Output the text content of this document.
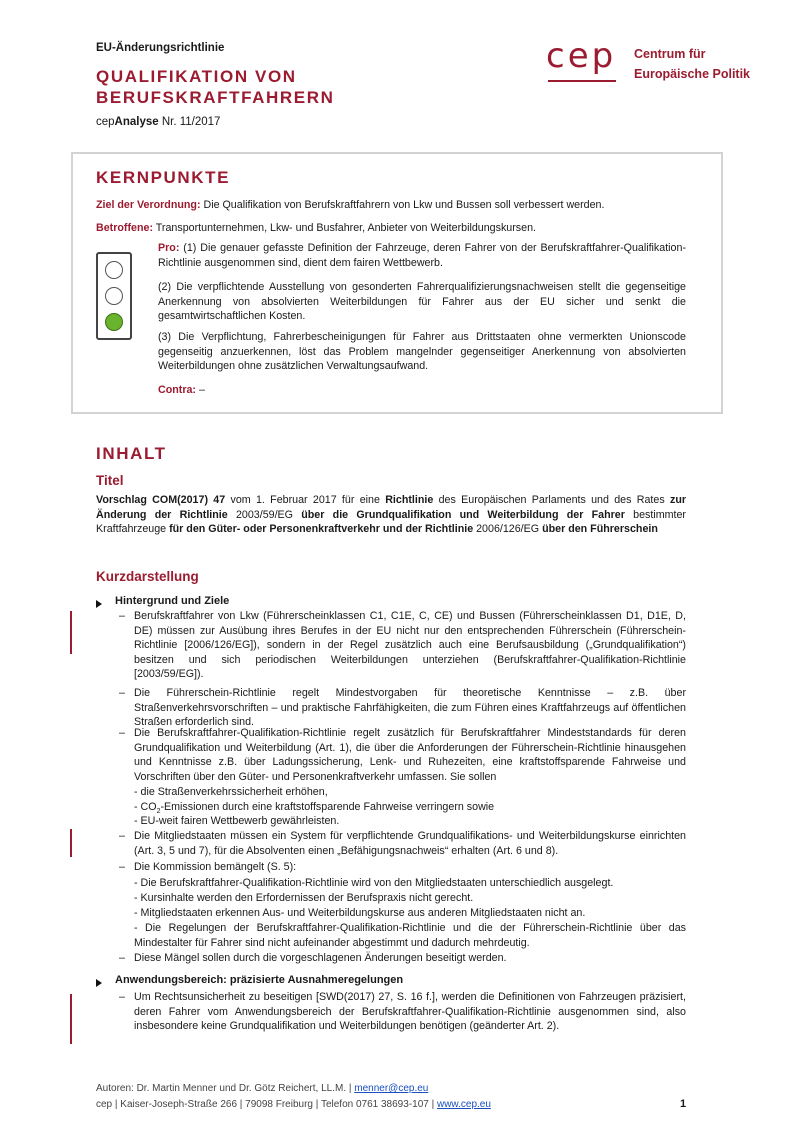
EU-Änderungsrichtlinie
QUALIFIKATION VON
BERUFSKRAFTFAHRERN
cepAnalyse Nr. 11/2017
cep Centrum für
Europäische Politik
KERNPUNKTE
Ziel der Verordnung: Die Qualifikation von Berufskraftfahrern von Lkw und Bussen soll verbessert werden.
Betroffene: Transportunternehmen, Lkw- und Busfahrer, Anbieter von Weiterbildungskursen.
Pro: (1) Die genauer gefasste Definition der Fahrzeuge, deren Fahrer von der Berufskraftfahrer-Qualifikation-Richtlinie ausgenommen sind, dient dem fairen Wettbewerb.
(2) Die verpflichtende Ausstellung von gesonderten Fahrerqualifizierungsnachweisen stellt die gegenseitige Anerkennung von absolvierten Weiterbildungen für Fahrer aus der EU sicher und senkt die gesamtwirtschaftlichen Kosten.
(3) Die Verpflichtung, Fahrerbescheinigungen für Fahrer aus Drittstaaten ohne vermerkten Unionscode gegenseitig anzuerkennen, löst das Problem mangelnder gegenseitiger Anerkennung von absolvierten Weiterbildungen ohne zusätzlichen Verwaltungsaufwand.
Contra: –
INHALT
Titel
Vorschlag COM(2017) 47 vom 1. Februar 2017 für eine Richtlinie des Europäischen Parlaments und des Rates zur Änderung der Richtlinie 2003/59/EG über die Grundqualifikation und Weiterbildung der Fahrer bestimmter Kraftfahrzeuge für den Güter- oder Personenkraftverkehr und der Richtlinie 2006/126/EG über den Führerschein
Kurzdarstellung
Hintergrund und Ziele
– Berufskraftfahrer von Lkw (Führerscheinklassen C1, C1E, C, CE) und Bussen (Führerscheinklassen D1, D1E, D, DE) müssen zur Ausübung ihres Berufes in der EU nicht nur den entsprechenden Führerschein (Führerschein-Richtlinie [2006/126/EG]), sondern in der Regel zusätzlich auch eine Berufsausbildung („Grundqualifikation“) besitzen und sich periodischen Weiterbildungen unterziehen (Berufskraftfahrer-Qualifikation-Richtlinie [2003/59/EG]).
– Die Führerschein-Richtlinie regelt Mindestvorgaben für theoretische Kenntnisse – z.B. über Straßenverkehrsvorschriften – und praktische Fahrfähigkeiten, die zum Führen eines Kraftfahrzeugs auf öffentlichen Straßen erforderlich sind.
– Die Berufskraftfahrer-Qualifikation-Richtlinie regelt zusätzlich für Berufskraftfahrer Mindeststandards für deren Grundqualifikation und Weiterbildung (Art. 1), die über die Anforderungen der Führerschein-Richtlinie hinausgehen und Kenntnisse z.B. über Ladungssicherung, Lenk- und Ruhezeiten, eine kraftstoffsparende Fahrweise und Vorschriften über den Güter- und Personenkraftverkehr umfassen. Sie sollen
- die Straßenverkehrssicherheit erhöhen,
- $CO_2$-Emissionen durch eine kraftstoffsparende Fahrweise verringern sowie
- EU-weit fairen Wettbewerb gewährleisten.
– Die Mitgliedstaaten müssen ein System für verpflichtende Grundqualifikations- und Weiterbildungskurse einrichten (Art. 3, 5 und 7), für die Absolventen einen „Befähigungsnachweis“ erhalten (Art. 6 und 8).
– Die Kommission bemängelt (S. 5):
- Die Berufskraftfahrer-Qualifikation-Richtlinie wird von den Mitgliedstaaten unterschiedlich ausgelegt.
- Kursinhalte werden den Erfordernissen der Berufspraxis nicht gerecht.
- Mitgliedstaaten erkennen Aus- und Weiterbildungskurse aus anderen Mitgliedstaaten nicht an.
- Die Regelungen der Berufskraftfahrer-Qualifikation-Richtlinie und die der Führerschein-Richtlinie über das Mindestalter für Fahrer sind nicht aufeinander abgestimmt und dadurch mehrdeutig.
– Diese Mängel sollen durch die vorgeschlagenen Änderungen beseitigt werden.
Anwendungsbereich: präzisierte Ausnahmeregelungen
– Um Rechtsunsicherheit zu beseitigen [SWD(2017) 27, S. 16 f.], werden die Definitionen von Fahrzeugen präzisiert, deren Fahrer vom Anwendungsbereich der Berufskraftfahrer-Qualifikation-Richtlinie ausgenommen sind, also insbesondere keine Grundqualifikation und Weiterbildungen benötigen (geänderter Art. 2).
Autoren: Dr. Martin Menner und Dr. Götz Reichert, LL.M. | menner@cep.eu
cep | Kaiser-Joseph-Straße 266 | 79098 Freiburg | Telefon 0761 38693-107 | www.cep.eu	1
